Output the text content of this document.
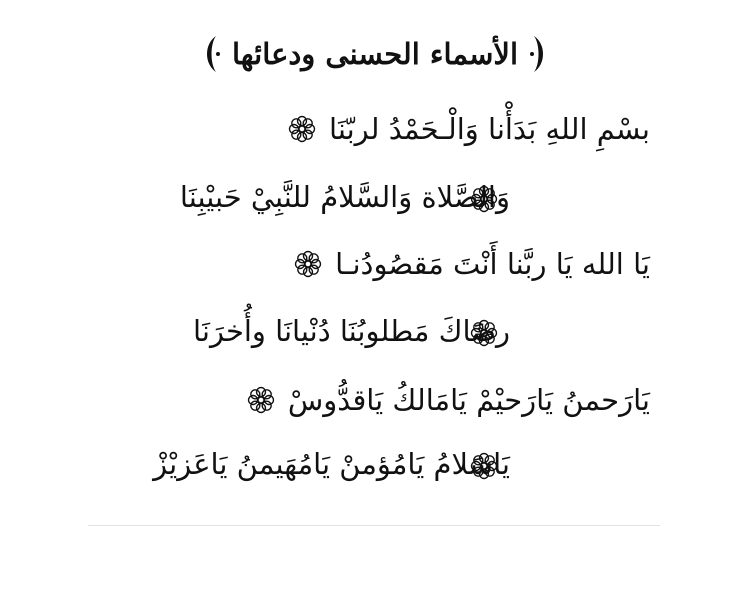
الأسماء الحسنى ودعائها
بسْمِ اللهِ بَدَأْنا وَالْـحَمْدُ لربّنَا
وَالصَّلاة وَالسَّلامُ للنَّبِيْ حَبيْبِنَا
يَا الله يَا ربَّنا أَنْتَ مَقصُودُنـا
رضَاكَ مَطلوبُنَا دُنْيانَا وأُخرَنَا
يَارَحمنُ يَارَحيْمْ يَامَالكُ يَاقدُّوسْ
يَاسَلامُ يَامُؤمنْ يَامُهَيمنُ يَاعَزيْزْ
